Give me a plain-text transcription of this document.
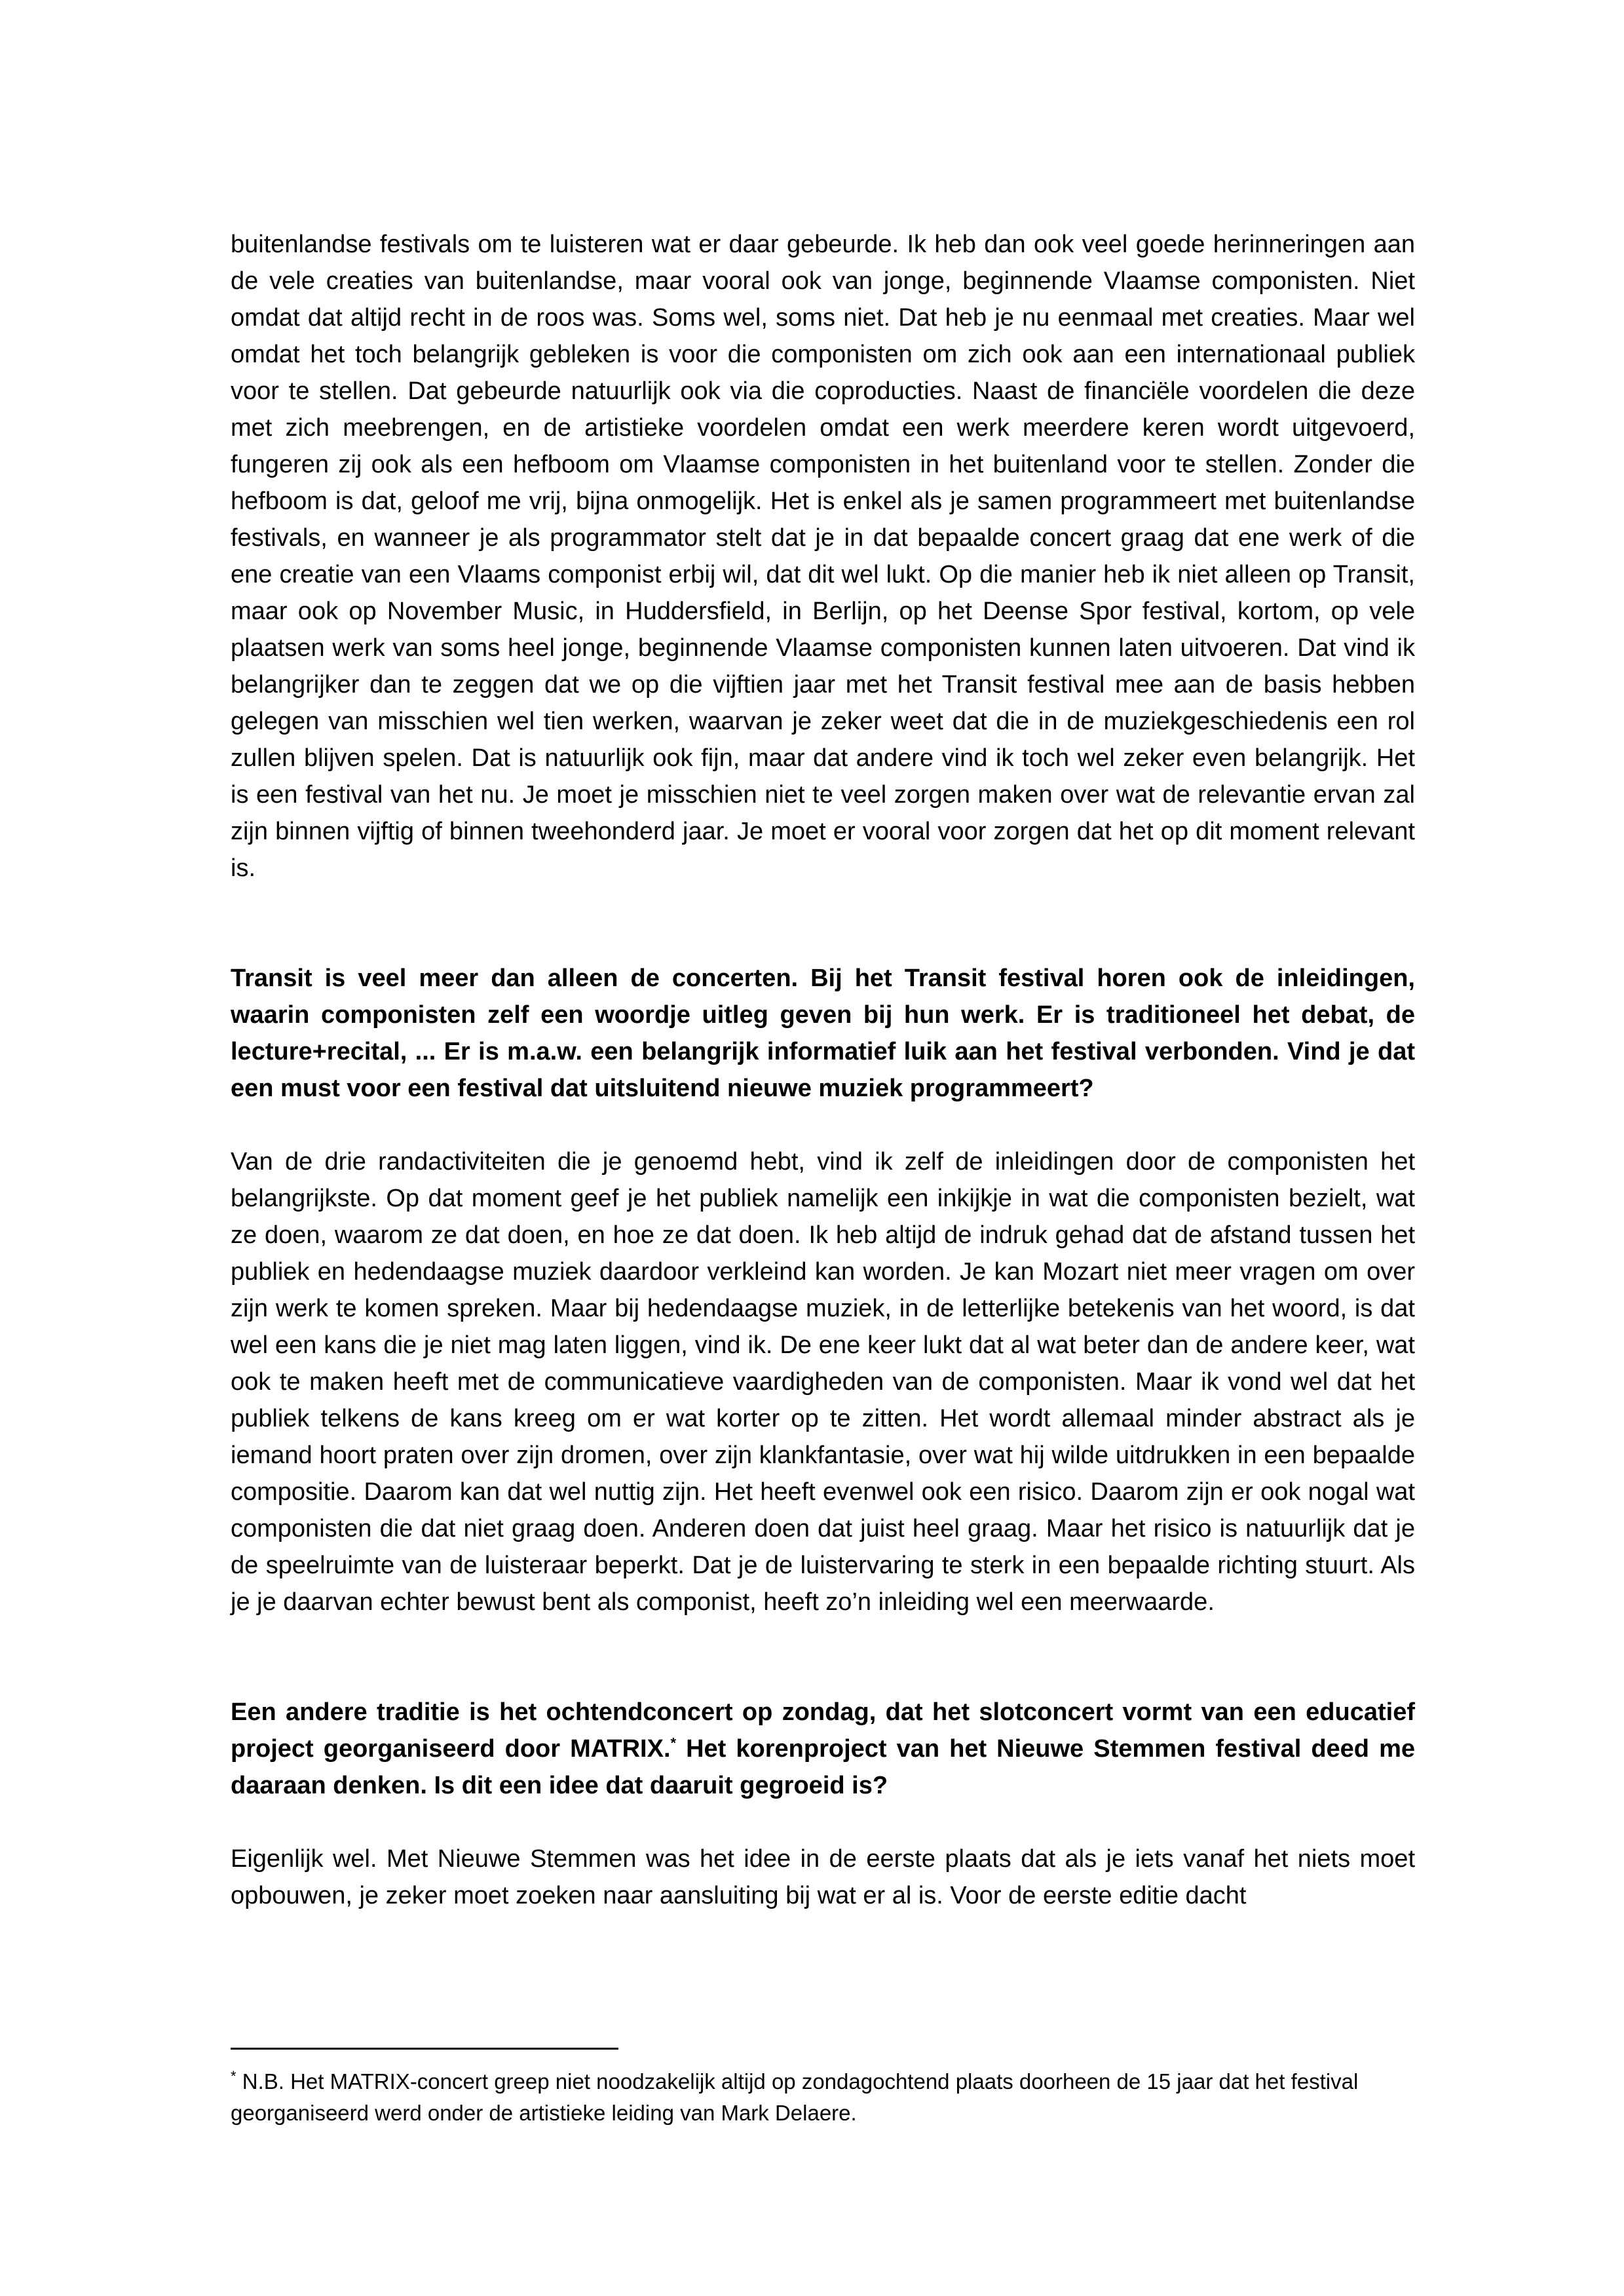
buitenlandse festivals om te luisteren wat er daar gebeurde. Ik heb dan ook veel goede herinneringen aan de vele creaties van buitenlandse, maar vooral ook van jonge, beginnende Vlaamse componisten. Niet omdat dat altijd recht in de roos was. Soms wel, soms niet. Dat heb je nu eenmaal met creaties. Maar wel omdat het toch belangrijk gebleken is voor die componisten om zich ook aan een internationaal publiek voor te stellen. Dat gebeurde natuurlijk ook via die coproducties. Naast de financiële voordelen die deze met zich meebrengen, en de artistieke voordelen omdat een werk meerdere keren wordt uitgevoerd, fungeren zij ook als een hefboom om Vlaamse componisten in het buitenland voor te stellen. Zonder die hefboom is dat, geloof me vrij, bijna onmogelijk. Het is enkel als je samen programmeert met buitenlandse festivals, en wanneer je als programmator stelt dat je in dat bepaalde concert graag dat ene werk of die ene creatie van een Vlaams componist erbij wil, dat dit wel lukt. Op die manier heb ik niet alleen op Transit, maar ook op November Music, in Huddersfield, in Berlijn, op het Deense Spor festival, kortom, op vele plaatsen werk van soms heel jonge, beginnende Vlaamse componisten kunnen laten uitvoeren. Dat vind ik belangrijker dan te zeggen dat we op die vijftien jaar met het Transit festival mee aan de basis hebben gelegen van misschien wel tien werken, waarvan je zeker weet dat die in de muziekgeschiedenis een rol zullen blijven spelen. Dat is natuurlijk ook fijn, maar dat andere vind ik toch wel zeker even belangrijk. Het is een festival van het nu. Je moet je misschien niet te veel zorgen maken over wat de relevantie ervan zal zijn binnen vijftig of binnen tweehonderd jaar. Je moet er vooral voor zorgen dat het op dit moment relevant is.

Transit is veel meer dan alleen de concerten. Bij het Transit festival horen ook de inleidingen, waarin componisten zelf een woordje uitleg geven bij hun werk. Er is traditioneel het debat, de lecture+recital, ... Er is m.a.w. een belangrijk informatief luik aan het festival verbonden. Vind je dat een must voor een festival dat uitsluitend nieuwe muziek programmeert?

Van de drie randactiviteiten die je genoemd hebt, vind ik zelf de inleidingen door de componisten het belangrijkste. Op dat moment geef je het publiek namelijk een inkijkje in wat die componisten bezielt, wat ze doen, waarom ze dat doen, en hoe ze dat doen. Ik heb altijd de indruk gehad dat de afstand tussen het publiek en hedendaagse muziek daardoor verkleind kan worden. Je kan Mozart niet meer vragen om over zijn werk te komen spreken. Maar bij hedendaagse muziek, in de letterlijke betekenis van het woord, is dat wel een kans die je niet mag laten liggen, vind ik. De ene keer lukt dat al wat beter dan de andere keer, wat ook te maken heeft met de communicatieve vaardigheden van de componisten. Maar ik vond wel dat het publiek telkens de kans kreeg om er wat korter op te zitten. Het wordt allemaal minder abstract als je iemand hoort praten over zijn dromen, over zijn klankfantasie, over wat hij wilde uitdrukken in een bepaalde compositie. Daarom kan dat wel nuttig zijn. Het heeft evenwel ook een risico. Daarom zijn er ook nogal wat componisten die dat niet graag doen. Anderen doen dat juist heel graag. Maar het risico is natuurlijk dat je de speelruimte van de luisteraar beperkt. Dat je de luistervaring te sterk in een bepaalde richting stuurt. Als je je daarvan echter bewust bent als componist, heeft zo’n inleiding wel een meerwaarde.

Een andere traditie is het ochtendconcert op zondag, dat het slotconcert vormt van een educatief project georganiseerd door MATRIX.* Het korenproject van het Nieuwe Stemmen festival deed me daaraan denken. Is dit een idee dat daaruit gegroeid is?

Eigenlijk wel. Met Nieuwe Stemmen was het idee in de eerste plaats dat als je iets vanaf het niets moet opbouwen, je zeker moet zoeken naar aansluiting bij wat er al is. Voor de eerste editie dacht

* N.B. Het MATRIX-concert greep niet noodzakelijk altijd op zondagochtend plaats doorheen de 15 jaar dat het festival georganiseerd werd onder de artistieke leiding van Mark Delaere.
